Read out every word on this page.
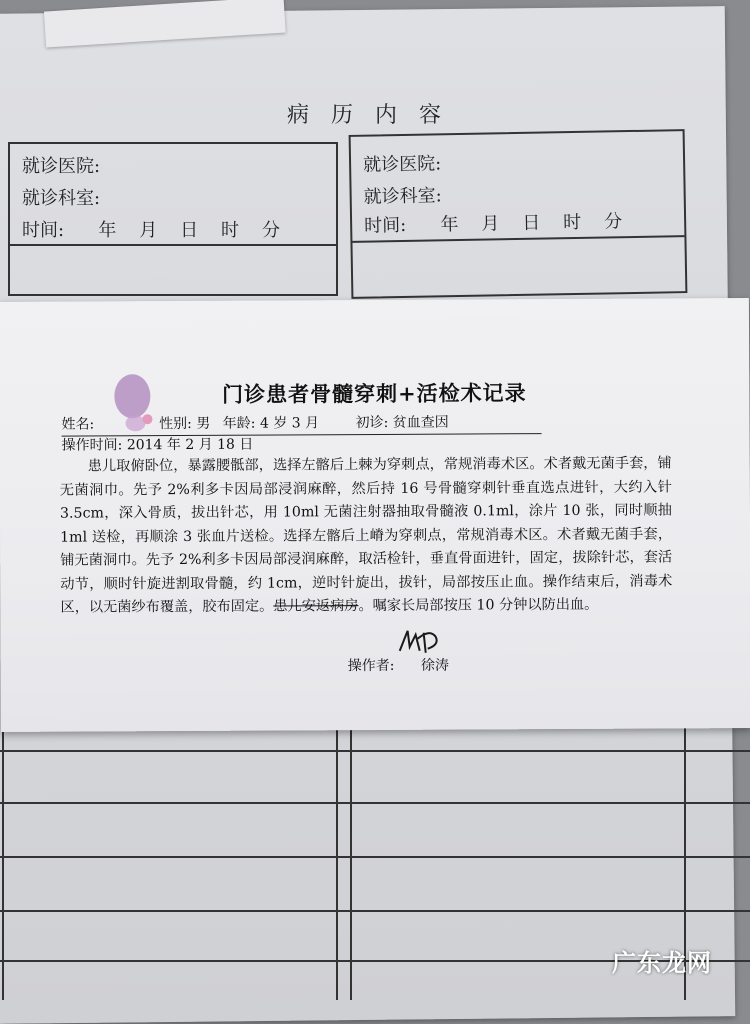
病历内容
就诊医院:
就诊科室:
时间:      年    月    日    时    分
就诊医院:
就诊科室:
时间:      年    月    日    时    分
门诊患者骨髓穿刺+活检术记录
姓名:	性别: 男 年龄: 4 岁 3 月	初诊: 贫血查因
操作时间: 2014 年 2 月 18 日
患儿取俯卧位，暴露腰骶部，选择左髂后上棘为穿刺点，常规消毒术区。术者戴无菌手套，铺无菌洞巾。先予 2%利多卡因局部浸润麻醉，然后持 16 号骨髓穿刺针垂直选点进针，大约入针 3.5cm，深入骨质，拔出针芯，用 10ml 无菌注射器抽取骨髓液 0.1ml，涂片 10 张，同时顺抽 1ml 送检，再顺涂 3 张血片送检。选择左髂后上嵴为穿刺点，常规消毒术区。术者戴无菌手套，铺无菌洞巾。先予 2%利多卡因局部浸润麻醉，取活检针，垂直骨面进针，固定，拔除针芯，套活动节，顺时针旋进割取骨髓，约 1cm，逆时针旋出，拔针，局部按压止血。操作结束后，消毒术区，以无菌纱布覆盖，胶布固定。患儿安返病房。嘱家长局部按压 10 分钟以防出血。
操作者: 徐涛
广东龙网
